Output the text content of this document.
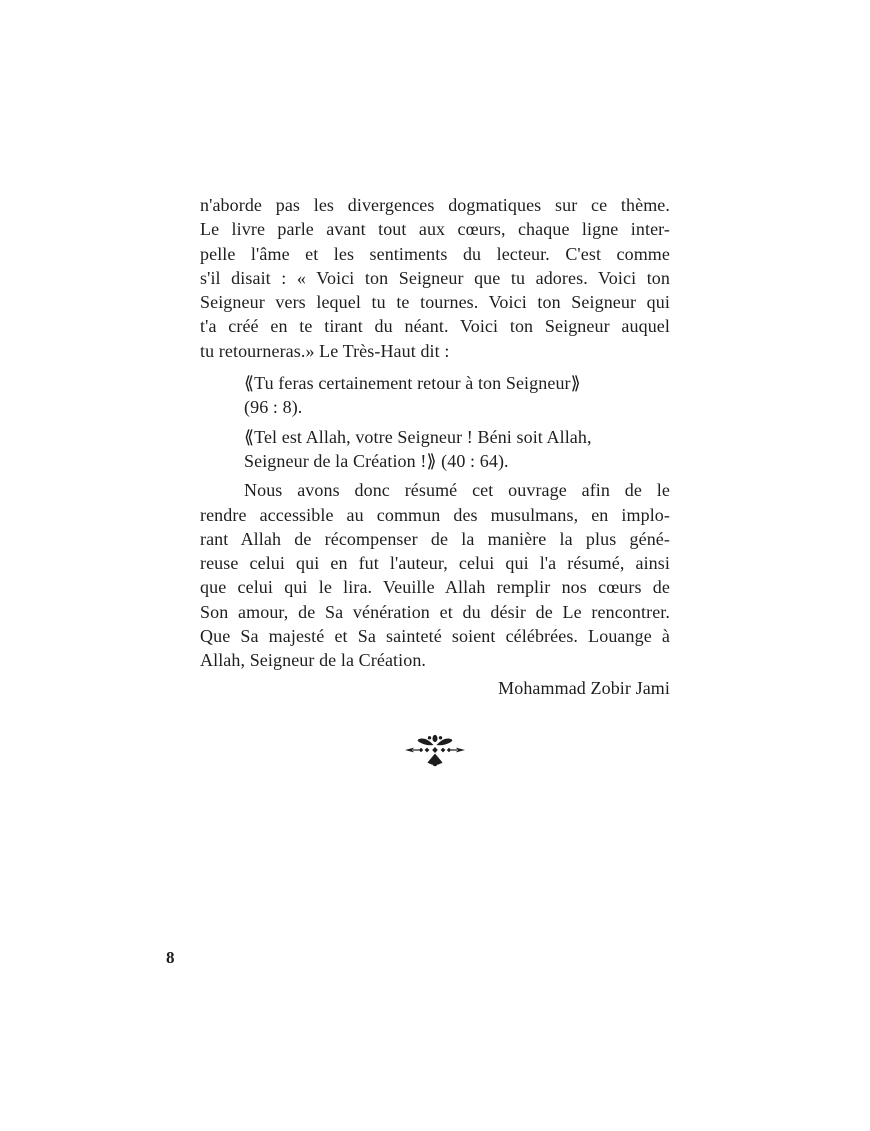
n'aborde pas les divergences dogmatiques sur ce thème.
Le livre parle avant tout aux cœurs, chaque ligne inter-
pelle l'âme et les sentiments du lecteur. C'est comme
s'il disait : « Voici ton Seigneur que tu adores. Voici ton
Seigneur vers lequel tu te tournes. Voici ton Seigneur qui
t'a créé en te tirant du néant. Voici ton Seigneur auquel
tu retourneras.» Le Très-Haut dit :
⟪Tu feras certainement retour à ton Seigneur⟫
(96 : 8).
⟪Tel est Allah, votre Seigneur ! Béni soit Allah,
Seigneur de la Création !⟫ (40 : 64).
Nous avons donc résumé cet ouvrage afin de le
rendre accessible au commun des musulmans, en implo-
rant Allah de récompenser de la manière la plus géné-
reuse celui qui en fut l'auteur, celui qui l'a résumé, ainsi
que celui qui le lira. Veuille Allah remplir nos cœurs de
Son amour, de Sa vénération et du désir de Le rencontrer.
Que Sa majesté et Sa sainteté soient célébrées. Louange à
Allah, Seigneur de la Création.
Mohammad Zobir Jami
8
